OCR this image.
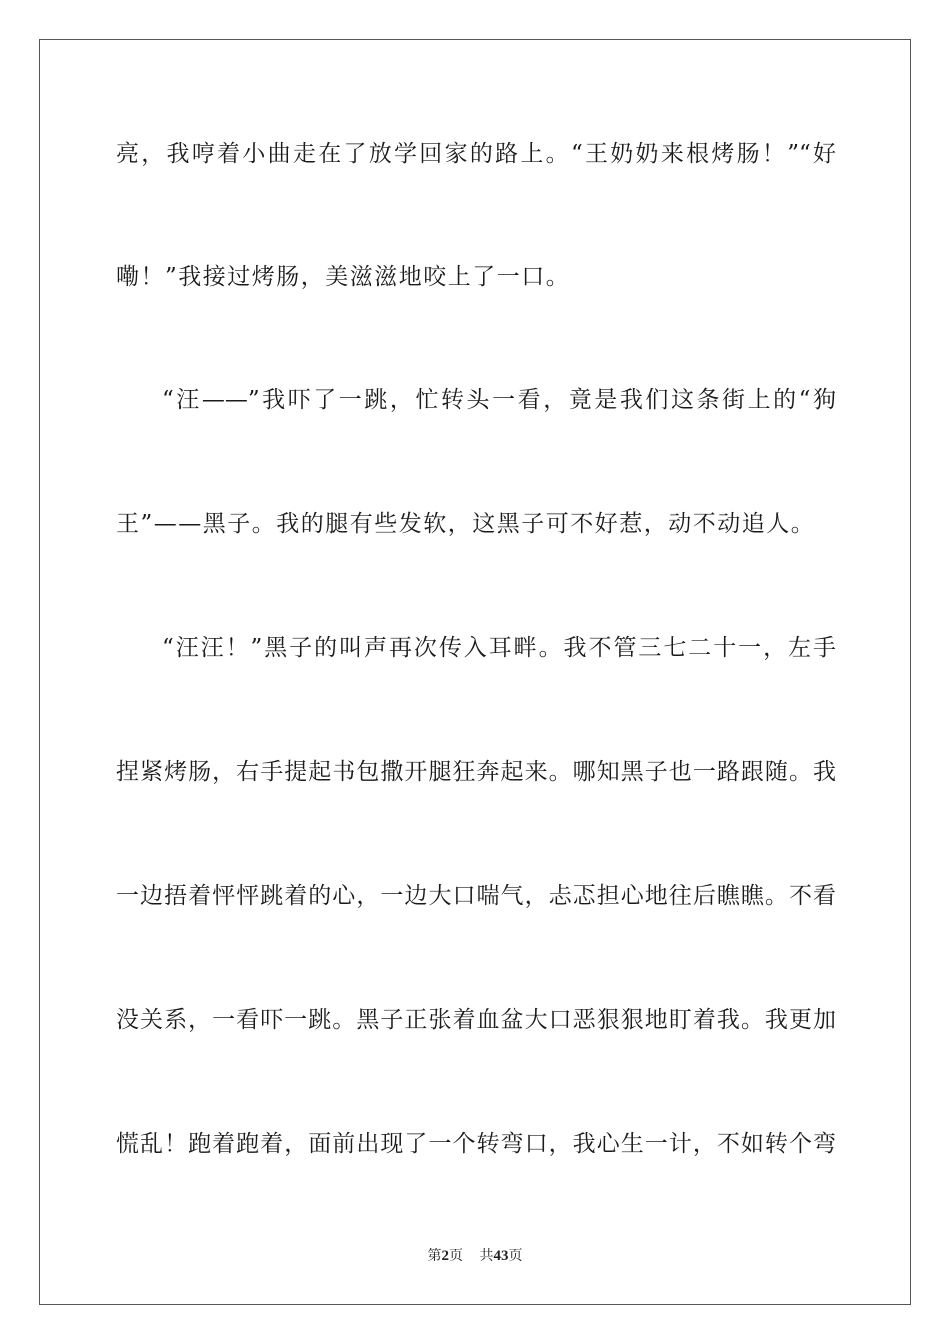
亮，我哼着小曲走在了放学回家的路上。“王奶奶来根烤肠！”“好
嘞！”我接过烤肠，美滋滋地咬上了一口。
“汪——”我吓了一跳，忙转头一看，竟是我们这条街上的“狗
王”——黑子。我的腿有些发软，这黑子可不好惹，动不动追人。
“汪汪！”黑子的叫声再次传入耳畔。我不管三七二十一，左手
捏紧烤肠，右手提起书包撒开腿狂奔起来。哪知黑子也一路跟随。我
一边捂着怦怦跳着的心，一边大口喘气，忐忑担心地往后瞧瞧。不看
没关系，一看吓一跳。黑子正张着血盆大口恶狠狠地盯着我。我更加
慌乱！跑着跑着，面前出现了一个转弯口，我心生一计，不如转个弯
第2页 共43页
